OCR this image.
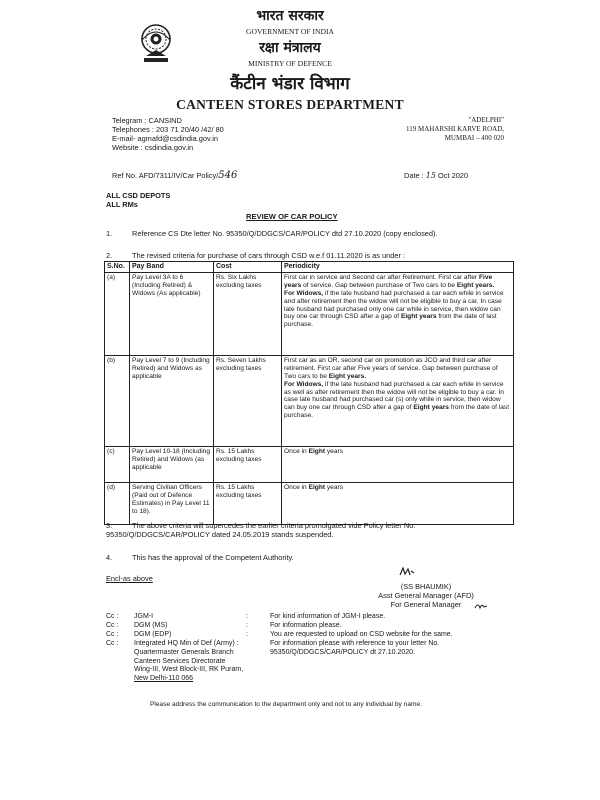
भारत सरकार
GOVERNMENT OF INDIA
रक्षा मंत्रालय
MINISTRY OF DEFENCE
कैंटीन भंडार विभाग
CANTEEN STORES DEPARTMENT
Telegram : CANSIND
Telephones : 203 71 20/40 /42/ 80
E-mail- agmafd@csdindia.gov.in
Website : csdindia.gov.in
"ADELPHI"
119 MAHARSHI KARVE ROAD,
MUMBAI – 400 020
Ref No. AFD/7311/IV/Car Policy/546	Date : 15 Oct 2020
ALL CSD DEPOTS
ALL RMs
REVIEW OF CAR POLICY
1.	Reference CS Dte letter No. 95350/Q/DDGCS/CAR/POLICY dtd 27.10.2020 (copy enclosed).
2.	The revised criteria for purchase of cars through CSD w.e.f 01.11.2020 is as under :
S.No.	Pay Band	Cost	Periodicity
(a)	Pay Level 3A to 6 (Including Retired) & Widows (As applicable)	Rs. Six Lakhs excluding taxes	First car in service and Second car after Retirement. First car after Five years of service. Gap between purchase of Two cars to be Eight years.
For Widows, if the late husband had purchased a car each while in service and after retirement then the widow will not be eligible to buy a car. In case late husband had purchased only one car while in service, then widow can buy one car through CSD after a gap of Eight years from the date of last purchase.

(b)	Pay Level 7 to 9 (Including Retired) and Widows as applicable	Rs. Seven Lakhs excluding taxes	First car as an OR, second car on promotion as JCO and third car after retirement. First car after Five years of service. Gap between purchase of Two cars to be Eight years.
For Widows, if the late husband had purchased a car each while in service as well as after retirement then the widow will not be eligible to buy a car. In case late husband had purchased car (s) only while in service, then widow can buy one car through CSD after a gap of Eight years from the date of last purchase.

(c)	Pay Level 10-18 (Including Retired) and Widows (as applicable	Rs. 15 Lakhs excluding taxes	Once in Eight years
(d)	Serving Civilian Officers (Paid out of Defence Estimates) in Pay Level 11 to 18).	Rs. 15 Lakhs excluding taxes	Once in Eight years
3.	The above criteria will supercedes the earlier criteria promulgated vide Policy letter No.
95350/Q/DDGCS/CAR/POLICY dated 24.05.2019 stands suspended.
4.	This has the approval of the Competent Authority.
Encl-as above
(SS BHAUMIK)
Asst General Manager (AFD)
For General Manager
Cc : JGM-I	:	For kind information of JGM-I please.
Cc : DGM (MS)	:	For information please.
Cc : DGM (EDP)	:	You are requested to upload on CSD website for the same.
Cc : Integrated HQ Min of Def (Army) :	For information please with reference to your letter No.
95350/Q/DDGCS/CAR/POLICY dt 27.10.2020.
Quartermaster Generals Branch
Canteen Services Directorate
Wing-III, West Block-III, RK Puram,
New Delhi-110 066
Please address the communication to the department only and not to any individual by name.
